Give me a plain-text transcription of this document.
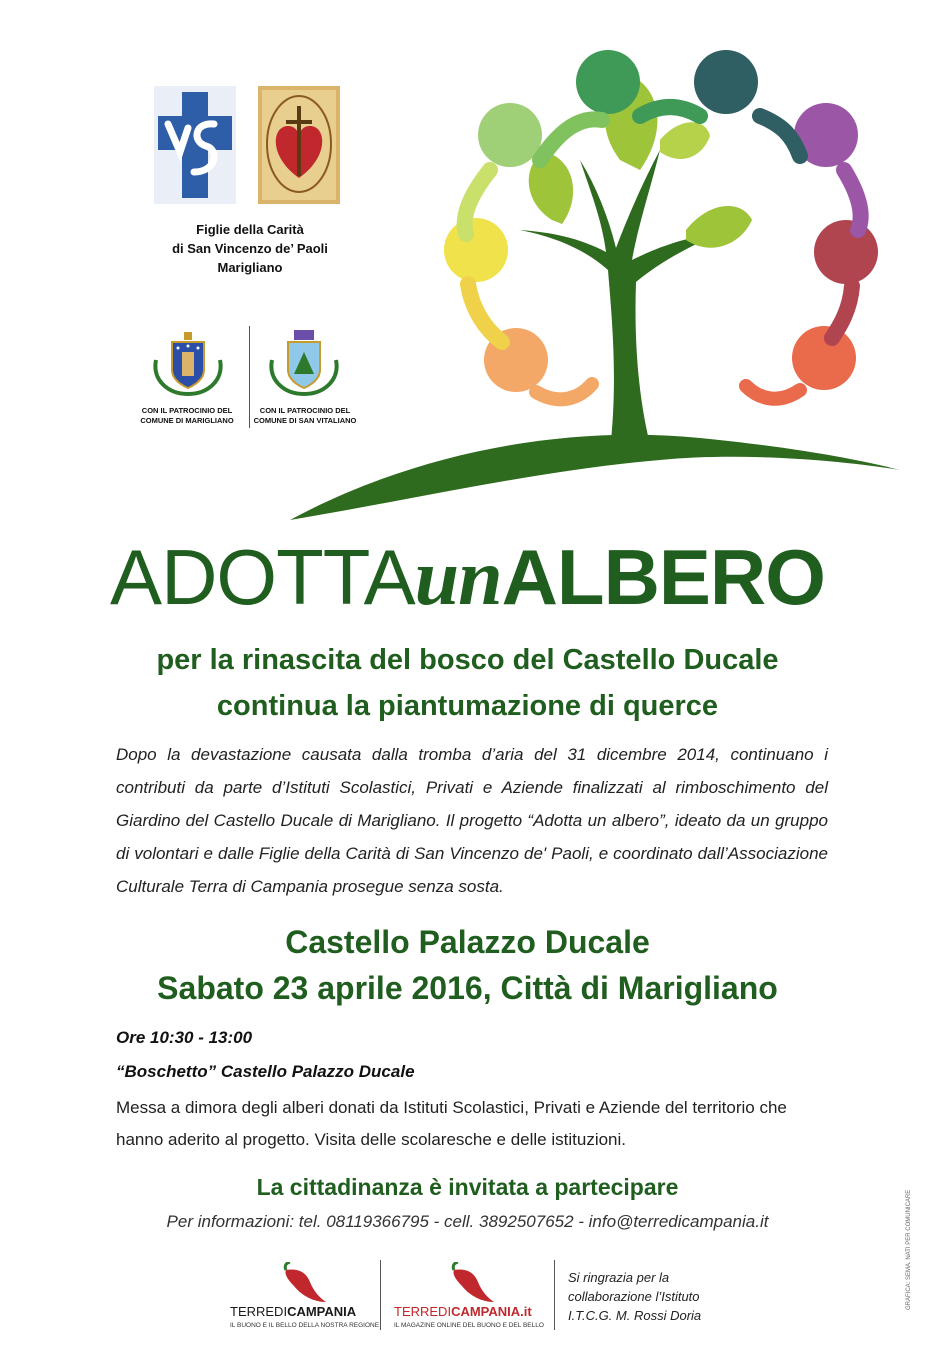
Figlie della Carità
di San Vincenzo de’ Paoli
Marigliano
CON IL PATROCINIO DEL
COMUNE DI MARIGLIANO
CON IL PATROCINIO DEL
COMUNE DI SAN VITALIANO
ADOTTAunALBERO
per la rinascita del bosco del Castello Ducale
continua la piantumazione di querce
Dopo la devastazione causata dalla tromba d’aria del 31 dicembre 2014, continuano i contributi da parte d’Istituti Scolastici, Privati e Aziende finalizzati al rimboschimento del Giardino del Castello Ducale di Marigliano. Il progetto “Adotta un albero”, ideato da un gruppo di volontari e dalle Figlie della Carità di San Vincenzo de' Paoli, e coordinato dall’Associazione Culturale Terra di Campania prosegue senza sosta.
Castello Palazzo Ducale
Sabato 23 aprile 2016, Città di Marigliano
Ore 10:30 - 13:00
“Boschetto” Castello Palazzo Ducale
Messa a dimora degli alberi donati da Istituti Scolastici, Privati e Aziende del territorio che hanno aderito al progetto. Visita delle scolaresche e delle istituzioni.
La cittadinanza è invitata a partecipare
Per informazioni: tel. 08119366795 - cell. 3892507652 - info@terredicampania.it
TERREDICAMPANIA
IL BUONO E IL BELLO DELLA NOSTRA REGIONE
TERREDICAMPANIA.it
IL MAGAZINE ONLINE DEL BUONO E DEL BELLO
Si ringrazia per la
collaborazione l’Istituto
I.T.C.G. M. Rossi Doria
GRAFICA: SEMA. NATI PER COMUNICARE
